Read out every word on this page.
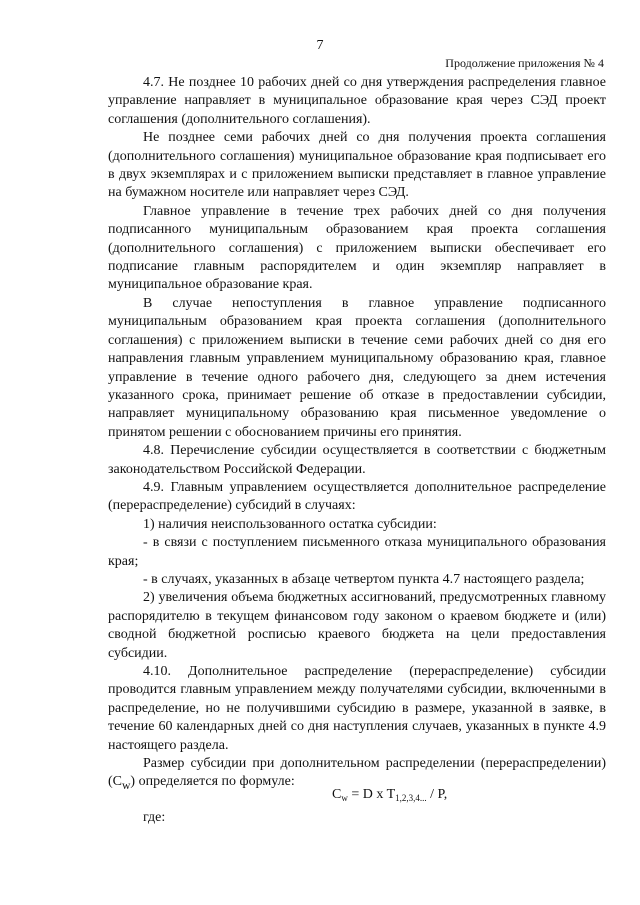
7
Продолжение приложения № 4

4.7. Не позднее 10 рабочих дней со дня утверждения распределения главное управление направляет в муниципальное образование края через СЭД проект соглашения (дополнительного соглашения).

Не позднее семи рабочих дней со дня получения проекта соглашения (дополнительного соглашения) муниципальное образование края подписывает его в двух экземплярах и с приложением выписки представляет в главное управление на бумажном носителе или направляет через СЭД.

Главное управление в течение трех рабочих дней со дня получения подписанного муниципальным образованием края проекта соглашения (дополнительного соглашения) с приложением выписки обеспечивает его подписание главным распорядителем и один экземпляр направляет в муниципальное образование края.

В случае непоступления в главное управление подписанного муниципальным образованием края проекта соглашения (дополнительного соглашения) с приложением выписки в течение семи рабочих дней со дня его направления главным управлением муниципальному образованию края, главное управление в течение одного рабочего дня, следующего за днем истечения указанного срока, принимает решение об отказе в предоставлении субсидии, направляет муниципальному образованию края письменное уведомление о принятом решении с обоснованием причины его принятия.

4.8. Перечисление субсидии осуществляется в соответствии с бюджетным законодательством Российской Федерации.

4.9. Главным управлением осуществляется дополнительное распределение (перераспределение) субсидий в случаях:

1) наличия неиспользованного остатка субсидии:

- в связи с поступлением письменного отказа муниципального образования края;

- в случаях, указанных в абзаце четвертом пункта 4.7 настоящего раздела;

2) увеличения объема бюджетных ассигнований, предусмотренных главному распорядителю в текущем финансовом году законом о краевом бюджете и (или) сводной бюджетной росписью краевого бюджета на цели предоставления субсидии.

4.10. Дополнительное распределение (перераспределение) субсидии проводится главным управлением между получателями субсидии, включенными в распределение, но не получившими субсидию в размере, указанной в заявке, в течение 60 календарных дней со дня наступления случаев, указанных в пункте 4.9 настоящего раздела.

Размер субсидии при дополнительном распределении (перераспределении) $(C_w)$ определяется по формуле:

$C_w = D$ x $T_{1,2,3,4...}$ / P,
где:
